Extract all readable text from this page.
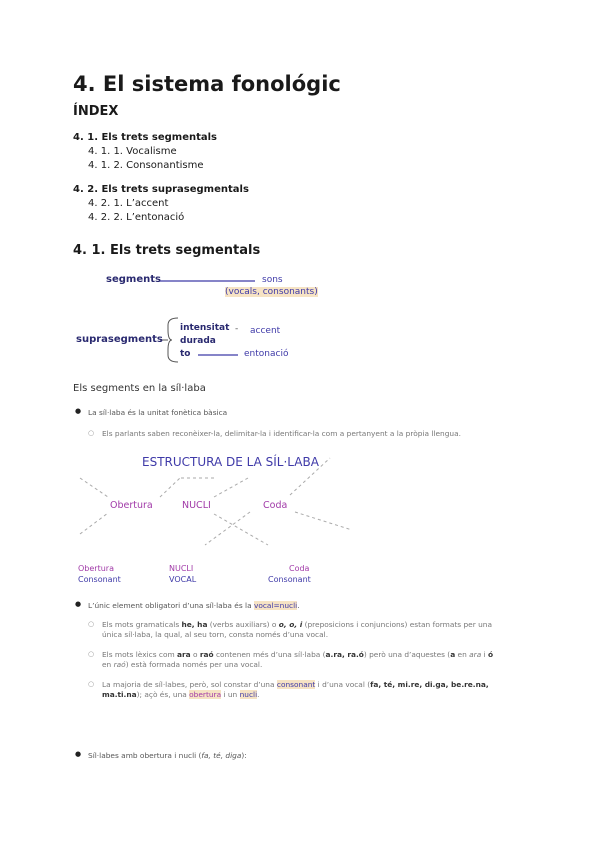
4. El sistema fonológic
ÍNDEX
4. 1. Els trets segmentals
4. 1. 1. Vocalisme
4. 1. 2. Consonantisme
4. 2. Els trets suprasegmentals
4. 2. 1. L’accent
4. 2. 2. L’entonació
4. 1. Els trets segmentals
segments	sons
(vocals, consonants)
suprasegments
intensitat
durada
to
- accent
entonació
Els segments en la síl·laba
● La síl·laba és la unitat fonètica bàsica
○ Els parlants saben reconèixer-la, delimitar-la i identificar-la com a pertanyent a la pròpia llengua.
ESTRUCTURA DE LA SÍL·LABA
Obertura	NUCLI	Coda
Obertura
Consonant
NUCLI
VOCAL
Coda
Consonant
● L’únic element obligatori d’una síl·laba és la vocal=nucli.
○ Els mots gramaticals he, ha (verbs auxiliars) o o, o, i (preposicions i conjuncions) estan formats per una
única síl·laba, la qual, al seu torn, consta només d’una vocal.
○ Els mots lèxics com ara o raó contenen més d’una síl·laba (a.ra, ra.ó) però una d’aquestes (a en ara i ó
en raó) està formada només per una vocal.
○ La majoria de síl·labes, però, sol constar d’una consonant i d’una vocal (fa, té, mi.re, di.ga, be.re.na,
ma.ti.na); açò és, una obertura i un nucli.
● Síl·labes amb obertura i nucli (fa, té, diga):
